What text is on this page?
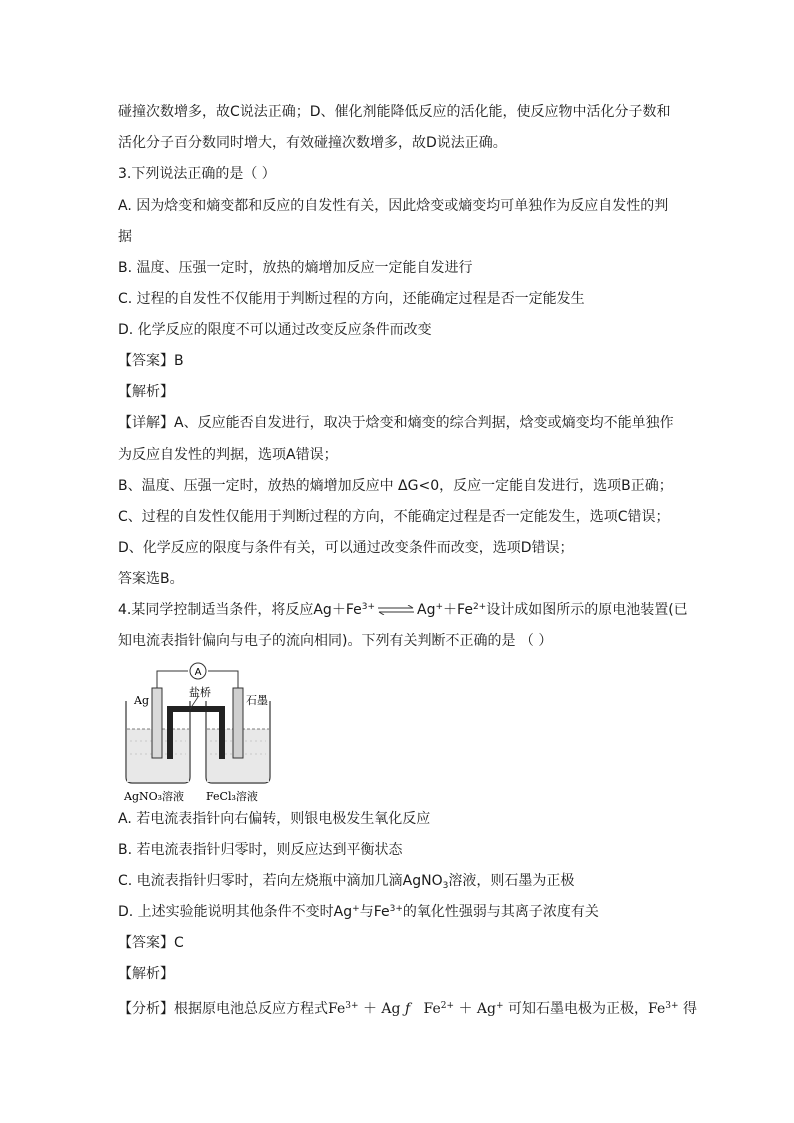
碰撞次数增多，故C说法正确；D、催化剂能降低反应的活化能，使反应物中活化分子数和
活化分子百分数同时增大，有效碰撞次数增多，故D说法正确。
3.下列说法正确的是（ ）
A. 因为焓变和熵变都和反应的自发性有关，因此焓变或熵变均可单独作为反应自发性的判
据
B. 温度、压强一定时，放热的熵增加反应一定能自发进行
C. 过程的自发性不仅能用于判断过程的方向，还能确定过程是否一定能发生
D. 化学反应的限度不可以通过改变反应条件而改变
【答案】B
【解析】
【详解】A、反应能否自发进行，取决于焓变和熵变的综合判据，焓变或熵变均不能单独作
为反应自发性的判据，选项A错误；
B、温度、压强一定时，放热的熵增加反应中 ΔG<0，反应一定能自发进行，选项B正确；
C、过程的自发性仅能用于判断过程的方向，不能确定过程是否一定能发生，选项C错误；
D、化学反应的限度与条件有关，可以通过改变条件而改变，选项D错误；
答案选B。
4.某同学控制适当条件，将反应$Ag+Fe^{3+}$ ⇌ $Ag^++Fe^{2+}$设计成如图所示的原电池装置(已
知电流表指针偏向与电子的流向相同)。下列有关判断不正确的是 （ ）
A
盐桥
Ag	石墨
AgNO₃溶液 FeCl₃溶液
A. 若电流表指针向右偏转，则银电极发生氧化反应
B. 若电流表指针归零时，则反应达到平衡状态
C. 电流表指针归零时，若向左烧瓶中滴加几滴AgNO$_3$溶液，则石墨为正极
D. 上述实验能说明其他条件不变时Ag+与$Fe^{3+}$的氧化性强弱与其离子浓度有关
【答案】C
【解析】
【分析】根据原电池总反应方程式$Fe^{3+} + Ag$ ƒ $Fe^{2+} + Ag^+$ 可知石墨电极为正极，$Fe^{3+}$ 得
